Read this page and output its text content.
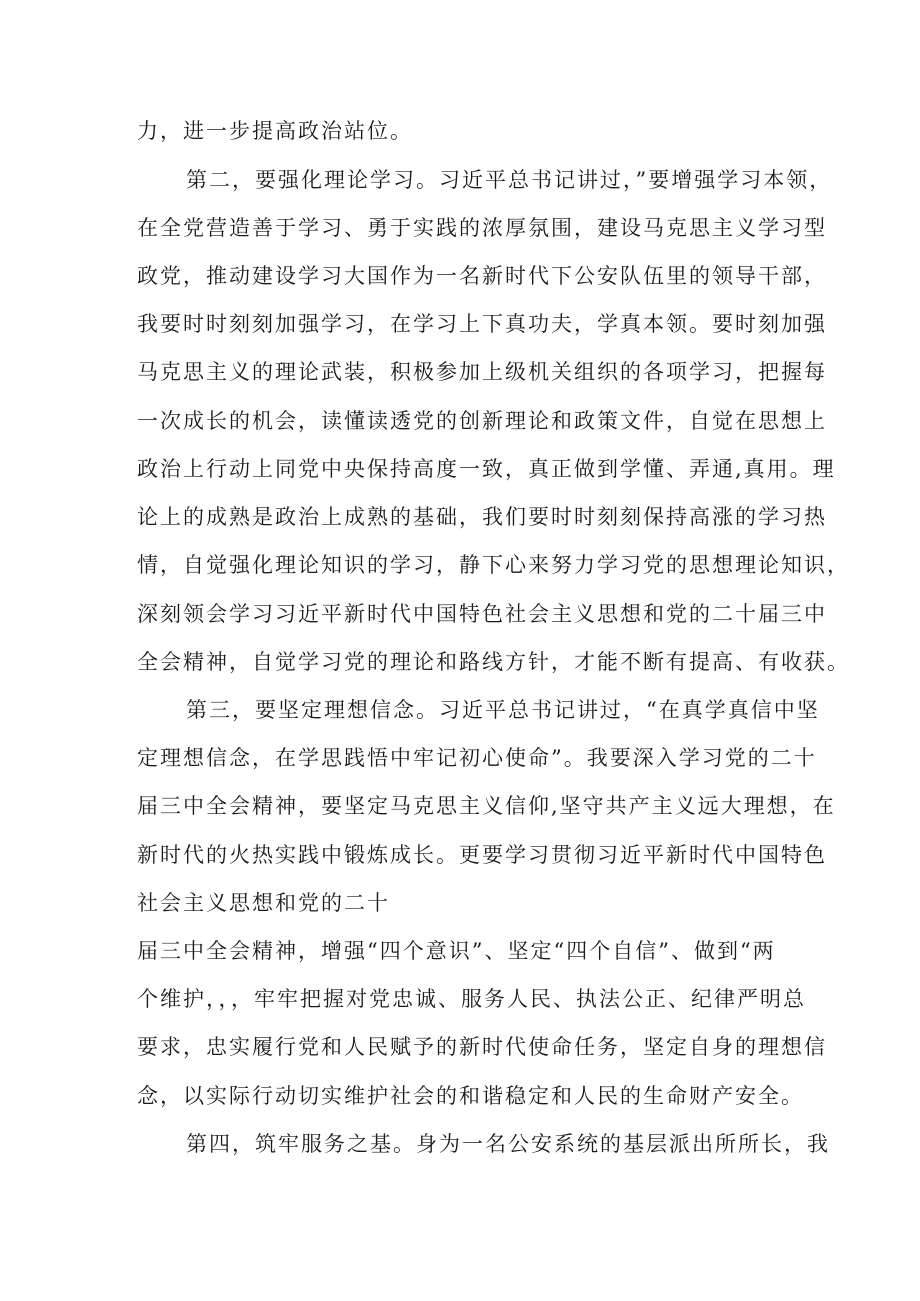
力，进一步提高政治站位。
第二，要强化理论学习。习近平总书记讲过，”要增强学习本领，
在全党营造善于学习、勇于实践的浓厚氛围，建设马克思主义学习型
政党，推动建设学习大国作为一名新时代下公安队伍里的领导干部，
我要时时刻刻加强学习，在学习上下真功夫，学真本领。要时刻加强
马克思主义的理论武装，积极参加上级机关组织的各项学习，把握每
一次成长的机会，读懂读透党的创新理论和政策文件，自觉在思想上
政治上行动上同党中央保持高度一致，真正做到学懂、弄通,真用。理
论上的成熟是政治上成熟的基础，我们要时时刻刻保持高涨的学习热
情，自觉强化理论知识的学习，静下心来努力学习党的思想理论知识，
深刻领会学习习近平新时代中国特色社会主义思想和党的二十届三中
全会精神，自觉学习党的理论和路线方针，才能不断有提高、有收获。
第三，要坚定理想信念。习近平总书记讲过，“在真学真信中坚
定理想信念，在学思践悟中牢记初心使命”。我要深入学习党的二十
届三中全会精神，要坚定马克思主义信仰,坚守共产主义远大理想，在
新时代的火热实践中锻炼成长。更要学习贯彻习近平新时代中国特色
社会主义思想和党的二十
届三中全会精神，增强“四个意识”、坚定“四个自信”、做到“两
个维护，，，牢牢把握对党忠诚、服务人民、执法公正、纪律严明总
要求，忠实履行党和人民赋予的新时代使命任务，坚定自身的理想信
念，以实际行动切实维护社会的和谐稳定和人民的生命财产安全。
第四，筑牢服务之基。身为一名公安系统的基层派出所所长，我
